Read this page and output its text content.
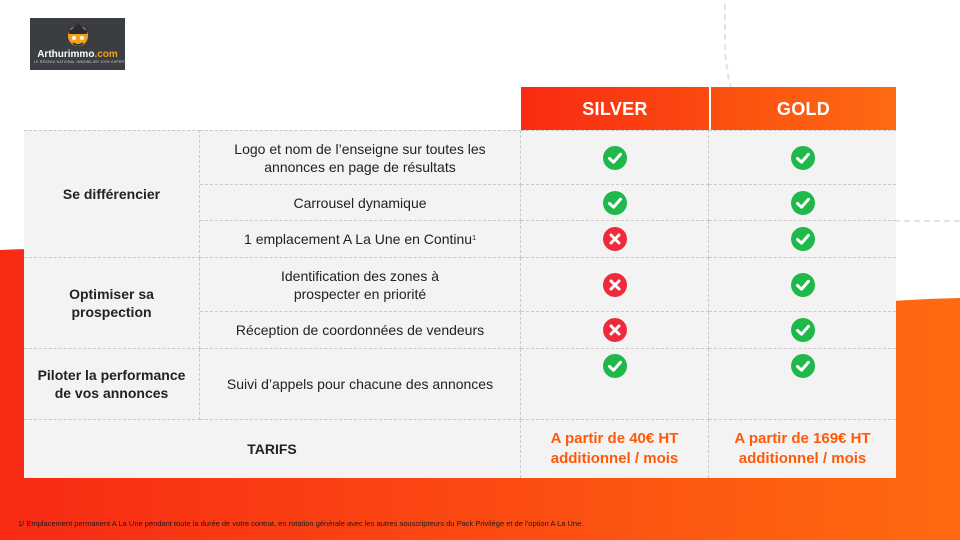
Arthurimmo.com
LE RÉSEAU NATIONAL IMMOBILIER 100% EXPERT
SILVER	GOLD
Se différencier
Optimiser sa prospection
Piloter la performance de vos annonces
Logo et nom de l’enseigne sur toutes les annonces en page de résultats
Carrousel dynamique
1 emplacement A La Une en Continu 1
Identification des zones à prospecter en priorité
Réception de coordonnées de vendeurs
Suivi d’appels pour chacune des annonces
TARIFS
A partir de 40€ HT additionnel / mois
A partir de 169€ HT additionnel / mois
1/ Emplacement permanent A La Une pendant toute la durée de votre contrat, en rotation générale avec les autres souscripteurs du Pack Privilège et de l’option A La Une.
